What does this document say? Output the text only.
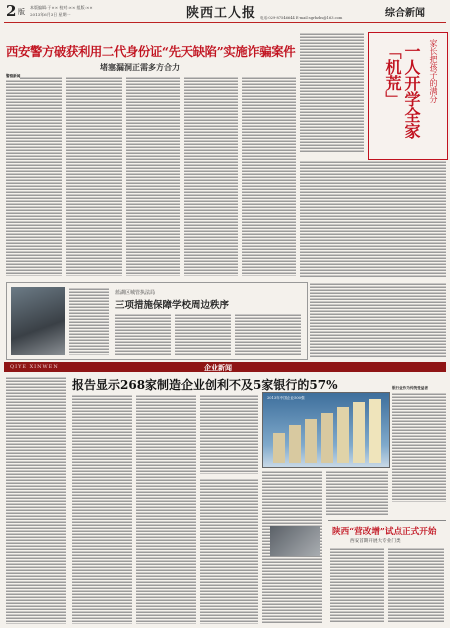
2 版
本版编辑:于×× 校对:×× 组版:××
2013年6月3日 星期一	陕西工人报	综合新闻
电话:029-87546644 E-mail:sgrbzbs@163.com
西安警方破获利用二代身份证“先天缺陷”实施诈骗案件
堵塞漏洞正需多方合力
警察新闻	家长把孩子的满分
一人开学全家「机荒」
蓝湖区城管执法局
三项措施保障学校周边秩序
QIYE XINWEN	企业新闻
报告显示268家制造企业创利不及5家银行的57%
2013年中国企业500强
银行业作为传统受益者
陕西“营改增”试点正式开始
西安首期开展大专业门类
